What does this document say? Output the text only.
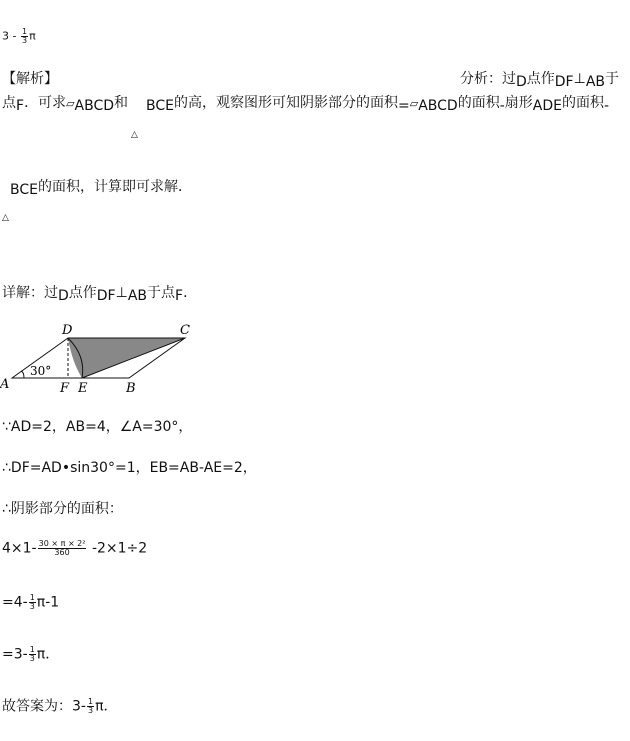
$3 - \frac{1}{3}$ π
【解析】	分析：过D点作DF⊥AB于
点F．可求▱ABCD和 BCE的高，观察图形可知阴影部分的面积=▱ABCD的面积-扇形ADE的面积-
△
BCE的面积，计算即可求解．
△
详解：过D点作DF⊥AB于点F．
30°
A
D	C
F E	B
∵AD=2，AB=4，∠A=30°，
∴DF=AD•sin30°=1，EB=AB-AE=2，
∴阴影部分的面积：
$4\times 1- \frac{\text{30 × π × 2²}}{360} -2\times 1\div 2$
$=4- \frac{1}{3} \pi-1$
$=3- \frac{1}{3}$ π．
故答案为：$3- \frac{1}{3}$ π．
